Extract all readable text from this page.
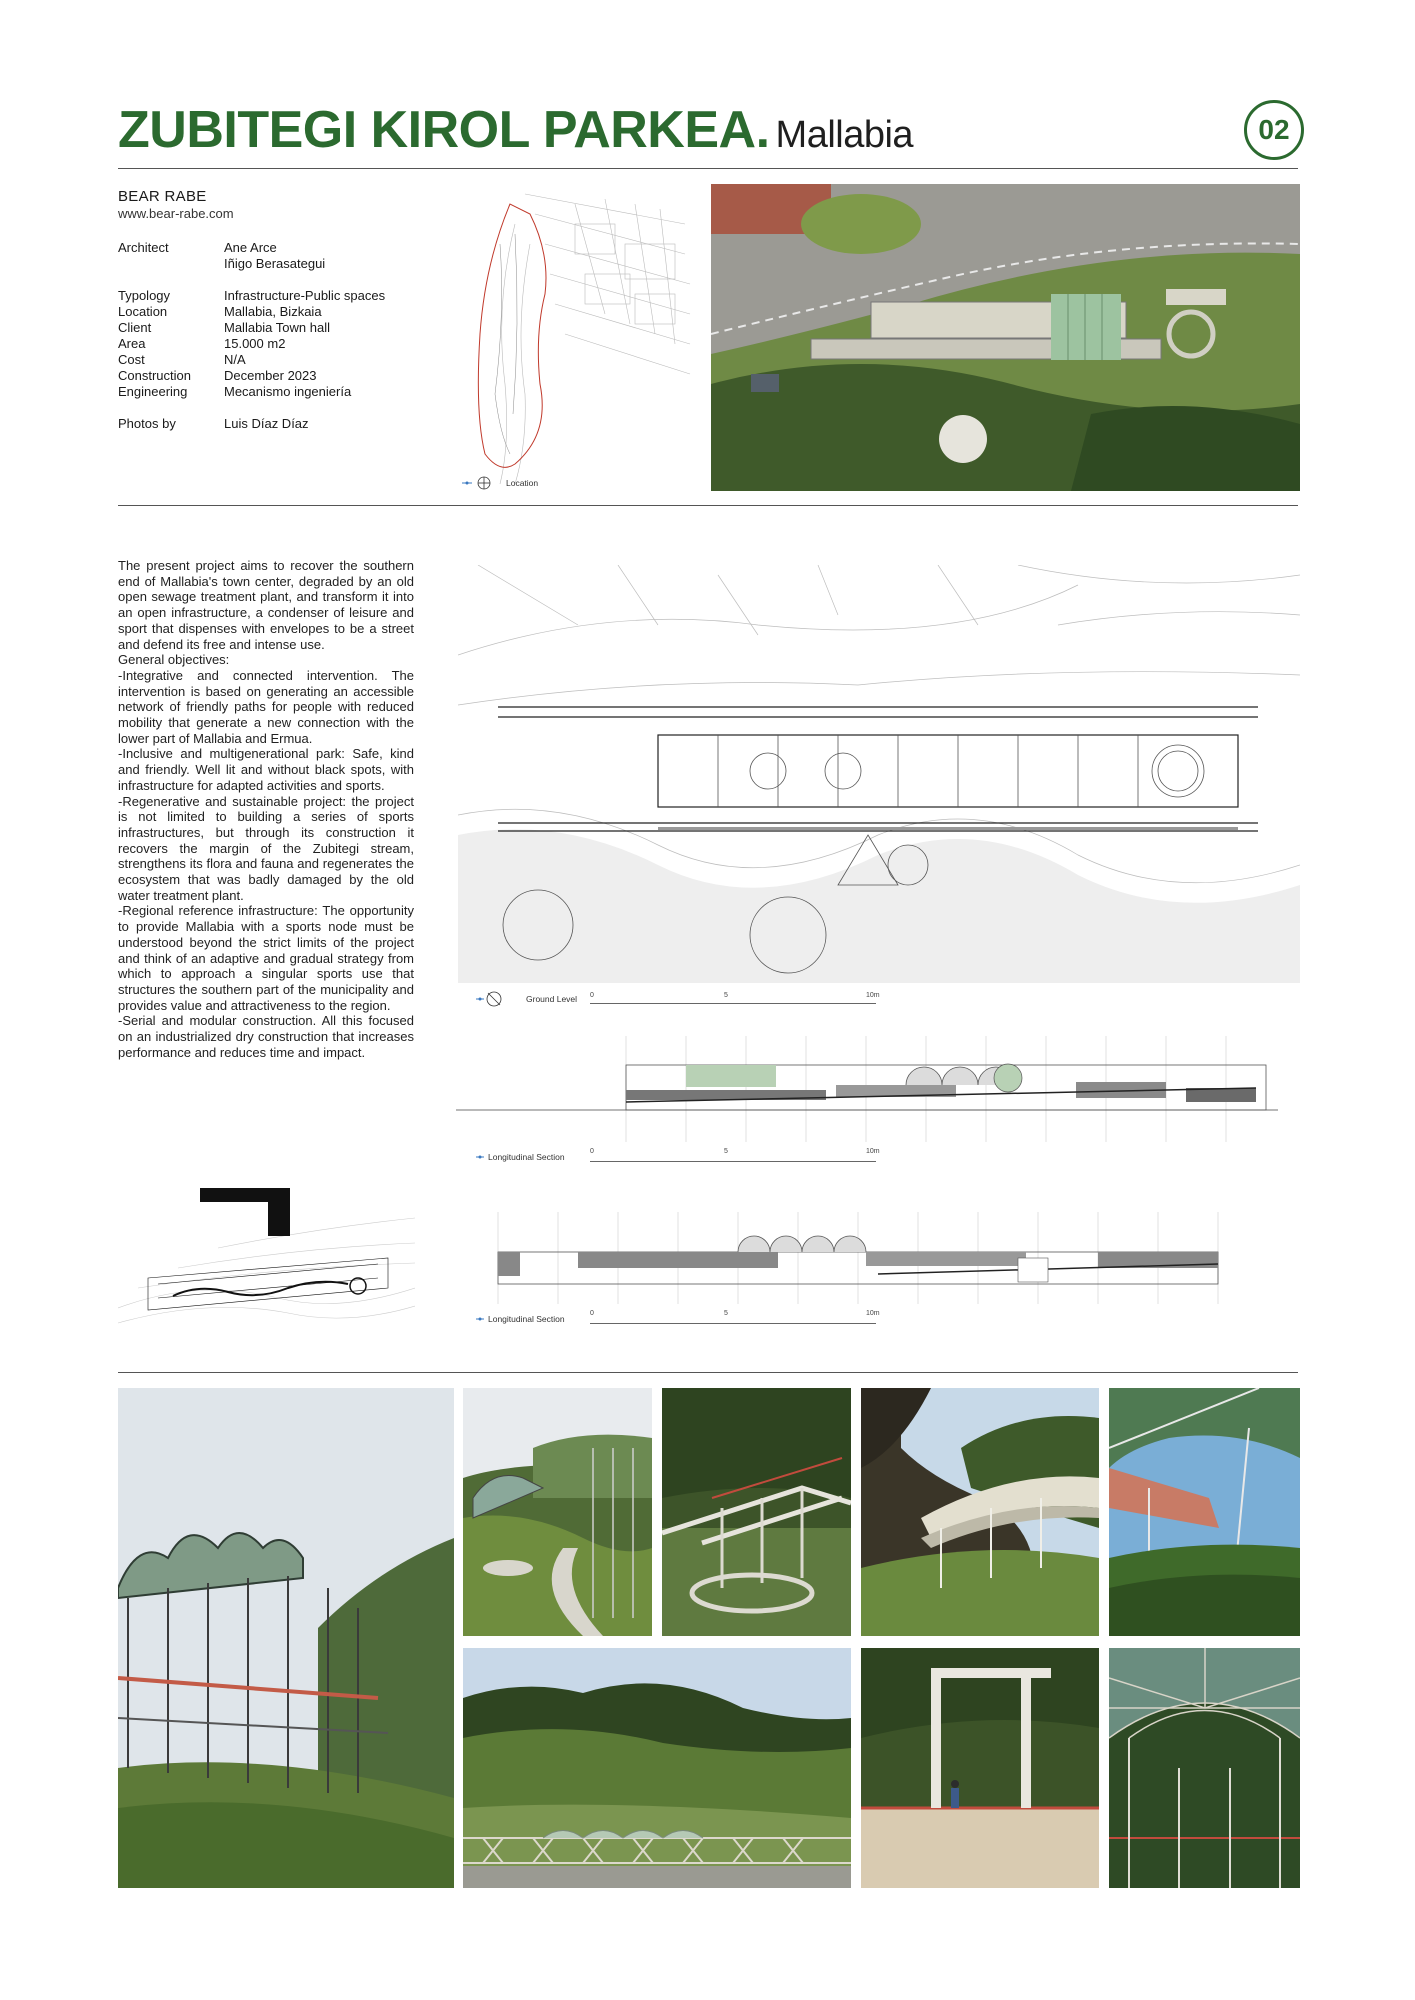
ZUBITEGI KIROL PARKEA. Mallabia	02
BEAR RABE
www.bear-rabe.com
Architect	Ane Arce
Iñigo Berasategui
Typology	Infrastructure-Public spaces
Location	Mallabia, Bizkaia
Client	Mallabia Town hall
Area	15.000 m2
Cost	N/A
Construction	December 2023
Engineering	Mecanismo ingeniería
Photos by	Luis Díaz Díaz
Location

The present project aims to recover the southern end of Mallabia's town center, degraded by an old open sewage treatment plant, and transform it into an open infrastructure, a condenser of leisure and sport that dispenses with envelopes to be a street and defend its free and intense use.

General objectives:

-Integrative and connected intervention. The intervention is based on generating an accessible network of friendly paths for people with reduced mobility that generate a new connection with the lower part of Mallabia and Ermua.

-Inclusive and multigenerational park: Safe, kind and friendly. Well lit and without black spots, with infrastructure for adapted activities and sports.

-Regenerative and sustainable project: the project is not limited to building a series of sports infrastructures, but through its construction it recovers the margin of the Zubitegi stream, strengthens its flora and fauna and regenerates the ecosystem that was badly damaged by the old water treatment plant.

-Regional reference infrastructure: The opportunity to provide Mallabia with a sports node must be understood beyond the strict limits of the project and think of an adaptive and gradual strategy from which to approach a singular sports use that structures the southern part of the municipality and provides value and attractiveness to the region.

-Serial and modular construction. All this focused on an industrialized dry construction that increases performance and reduces time and impact.

Ground Level 0	5	10m
Longitudinal Section
0	5	10m
Longitudinal Section
0	5	10m
